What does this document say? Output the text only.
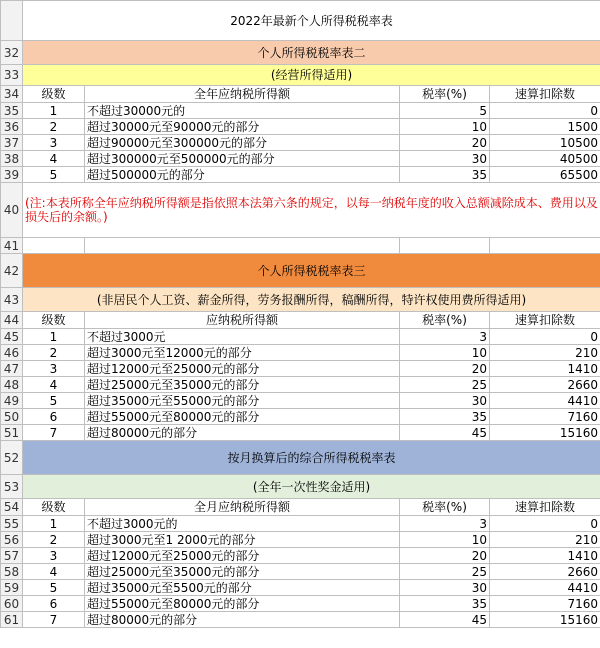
	2022年最新个人所得税税率表			
32	个人所得税税率表二			
33	(经营所得适用)			
34	级数	全年应纳税所得额	税率(%)	速算扣除数
35	1	不超过30000元的	5	0
36	2	超过30000元至90000元的部分	10	1500
37	3	超过90000元至300000元的部分	20	10500
38	4	超过300000元至500000元的部分	30	40500
39	5	超过500000元的部分	35	65500
40	(注:本表所称全年应纳税所得额是指依照本法第六条的规定，以每一纳税年度的收入总额减除成本、费用以及损失后的余额。)			
41				
42	个人所得税税率表三			
43	(非居民个人工资、薪金所得，劳务报酬所得，稿酬所得，特许权使用费所得适用)			
44	级数	应纳税所得额	税率(%)	速算扣除数
45	1	不超过3000元	3	0
46	2	超过3000元至12000元的部分	10	210
47	3	超过12000元至25000元的部分	20	1410
48	4	超过25000元至35000元的部分	25	2660
49	5	超过35000元至55000元的部分	30	4410
50	6	超过55000元至80000元的部分	35	7160
51	7	超过80000元的部分	45	15160
52	按月换算后的综合所得税税率表			
53	(全年一次性奖金适用)			
54	级数	全月应纳税所得额	税率(%)	速算扣除数
55	1	不超过3000元的	3	0
56	2	超过3000元至1 2000元的部分	10	210
57	3	超过12000元至25000元的部分	20	1410
58	4	超过25000元至35000元的部分	25	2660
59	5	超过35000元至5500元的部分	30	4410
60	6	超过55000元至80000元的部分	35	7160
61	7	超过80000元的部分	45	15160
